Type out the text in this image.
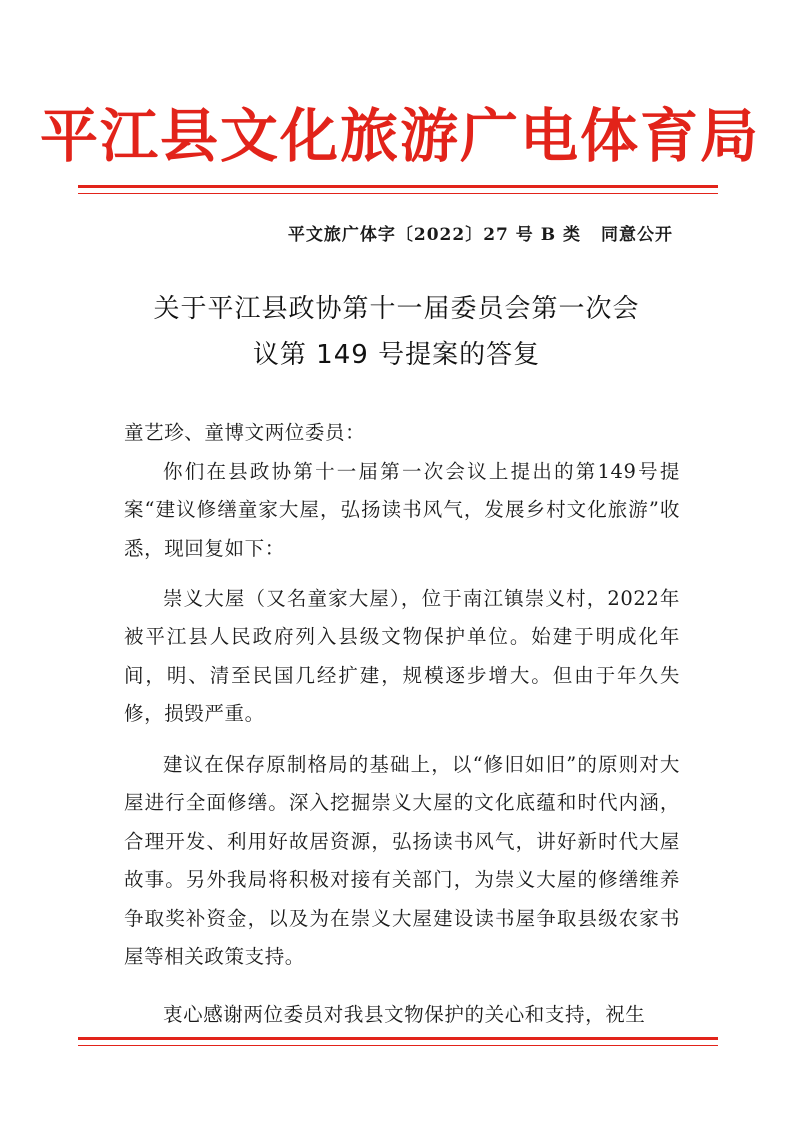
平江县文化旅游广电体育局
平文旅广体字〔2022〕27 号 B 类 同意公开
关于平江县政协第十一届委员会第一次会
议第 149 号提案的答复

童艺珍、童博文两位委员：

你们在县政协第十一届第一次会议上提出的第149号提案“建议修缮童家大屋，弘扬读书风气，发展乡村文化旅游”收悉，现回复如下：

崇义大屋（又名童家大屋），位于南江镇崇义村，2022年被平江县人民政府列入县级文物保护单位。始建于明成化年间，明、清至民国几经扩建，规模逐步增大。但由于年久失修，损毁严重。

建议在保存原制格局的基础上，以“修旧如旧”的原则对大屋进行全面修缮。深入挖掘崇义大屋的文化底蕴和时代内涵，合理开发、利用好故居资源，弘扬读书风气，讲好新时代大屋故事。另外我局将积极对接有关部门，为崇义大屋的修缮维养争取奖补资金，以及为在崇义大屋建设读书屋争取县级农家书屋等相关政策支持。

衷心感谢两位委员对我县文物保护的关心和支持，祝生
